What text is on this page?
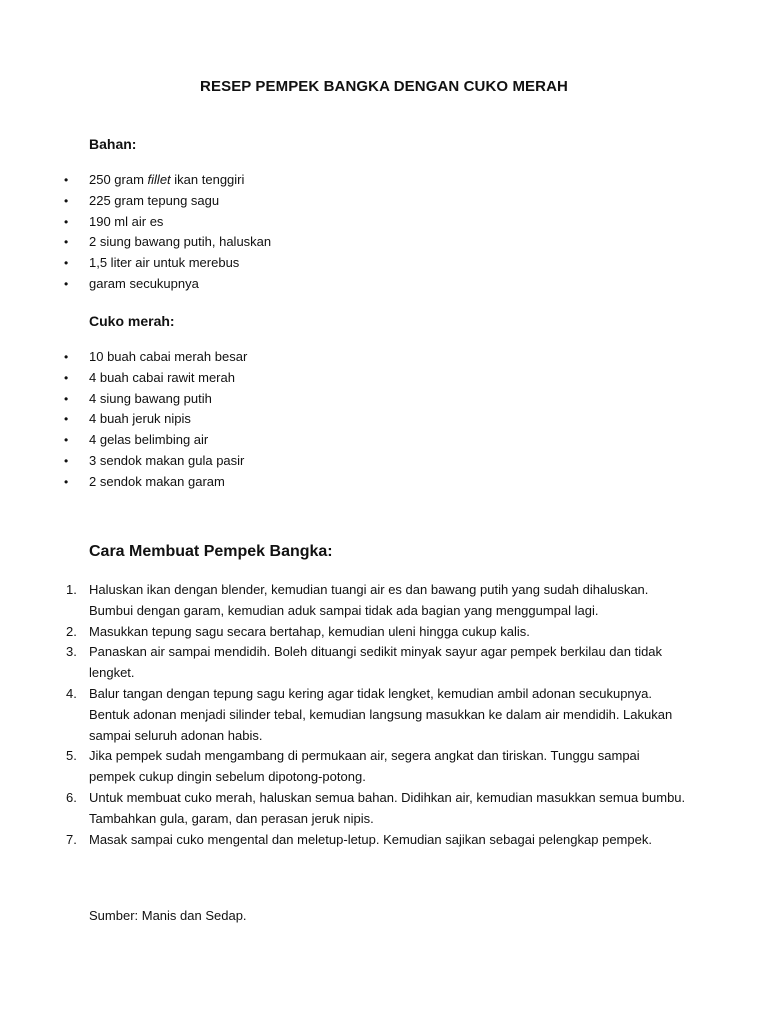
RESEP PEMPEK BANGKA DENGAN CUKO MERAH
Bahan:
• 250 gram fillet ikan tenggiri
• 225 gram tepung sagu
• 190 ml air es
• 2 siung bawang putih, haluskan
• 1,5 liter air untuk merebus
• garam secukupnya
Cuko merah:
• 10 buah cabai merah besar
• 4 buah cabai rawit merah
• 4 siung bawang putih
• 4 buah jeruk nipis
• 4 gelas belimbing air
• 3 sendok makan gula pasir
• 2 sendok makan garam
Cara Membuat Pempek Bangka:
1. Haluskan ikan dengan blender, kemudian tuangi air es dan bawang putih yang sudah dihaluskan. Bumbui dengan garam, kemudian aduk sampai tidak ada bagian yang menggumpal lagi.
2. Masukkan tepung sagu secara bertahap, kemudian uleni hingga cukup kalis.
3. Panaskan air sampai mendidih. Boleh dituangi sedikit minyak sayur agar pempek berkilau dan tidak lengket.
4. Balur tangan dengan tepung sagu kering agar tidak lengket, kemudian ambil adonan secukupnya. Bentuk adonan menjadi silinder tebal, kemudian langsung masukkan ke dalam air mendidih. Lakukan sampai seluruh adonan habis.
5. Jika pempek sudah mengambang di permukaan air, segera angkat dan tiriskan. Tunggu sampai pempek cukup dingin sebelum dipotong-potong.
6. Untuk membuat cuko merah, haluskan semua bahan. Didihkan air, kemudian masukkan semua bumbu. Tambahkan gula, garam, dan perasan jeruk nipis.
7. Masak sampai cuko mengental dan meletup-letup. Kemudian sajikan sebagai pelengkap pempek.
Sumber: Manis dan Sedap.
